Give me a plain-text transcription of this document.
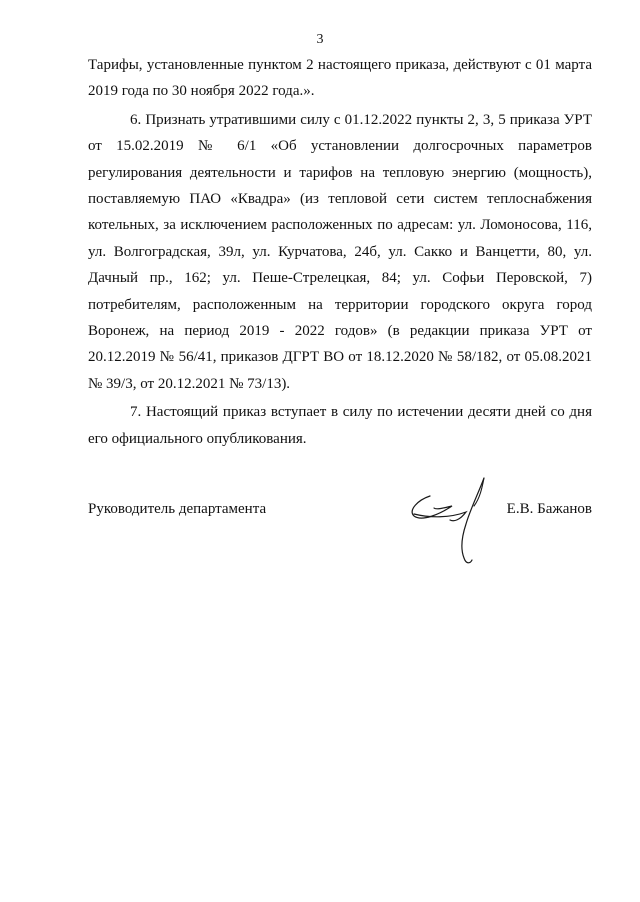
3

Тарифы, установленные пунктом 2 настоящего приказа, действуют с 01 марта 2019 года по 30 ноября 2022 года.».

6. Признать утратившими силу с 01.12.2022 пункты 2, 3, 5 приказа УРТ от 15.02.2019 № 6/1 «Об установлении долгосрочных параметров регулирования деятельности и тарифов на тепловую энергию (мощность), поставляемую ПАО «Квадра» (из тепловой сети систем теплоснабжения котельных, за исключением расположенных по адресам: ул. Ломоносова, 116, ул. Волгоградская, 39л, ул. Курчатова, 24б, ул. Сакко и Ванцетти, 80, ул. Дачный пр., 162; ул. Пеше-Стрелецкая, 84; ул. Софьи Перовской, 7) потребителям, расположенным на территории городского округа город Воронеж, на период 2019 - 2022 годов» (в редакции приказа УРТ от 20.12.2019 № 56/41, приказов ДГРТ ВО от 18.12.2020 № 58/182, от 05.08.2021 № 39/3, от 20.12.2021 № 73/13).

7. Настоящий приказ вступает в силу по истечении десяти дней со дня его официального опубликования.

Руководитель департамента	Е.В. Бажанов
